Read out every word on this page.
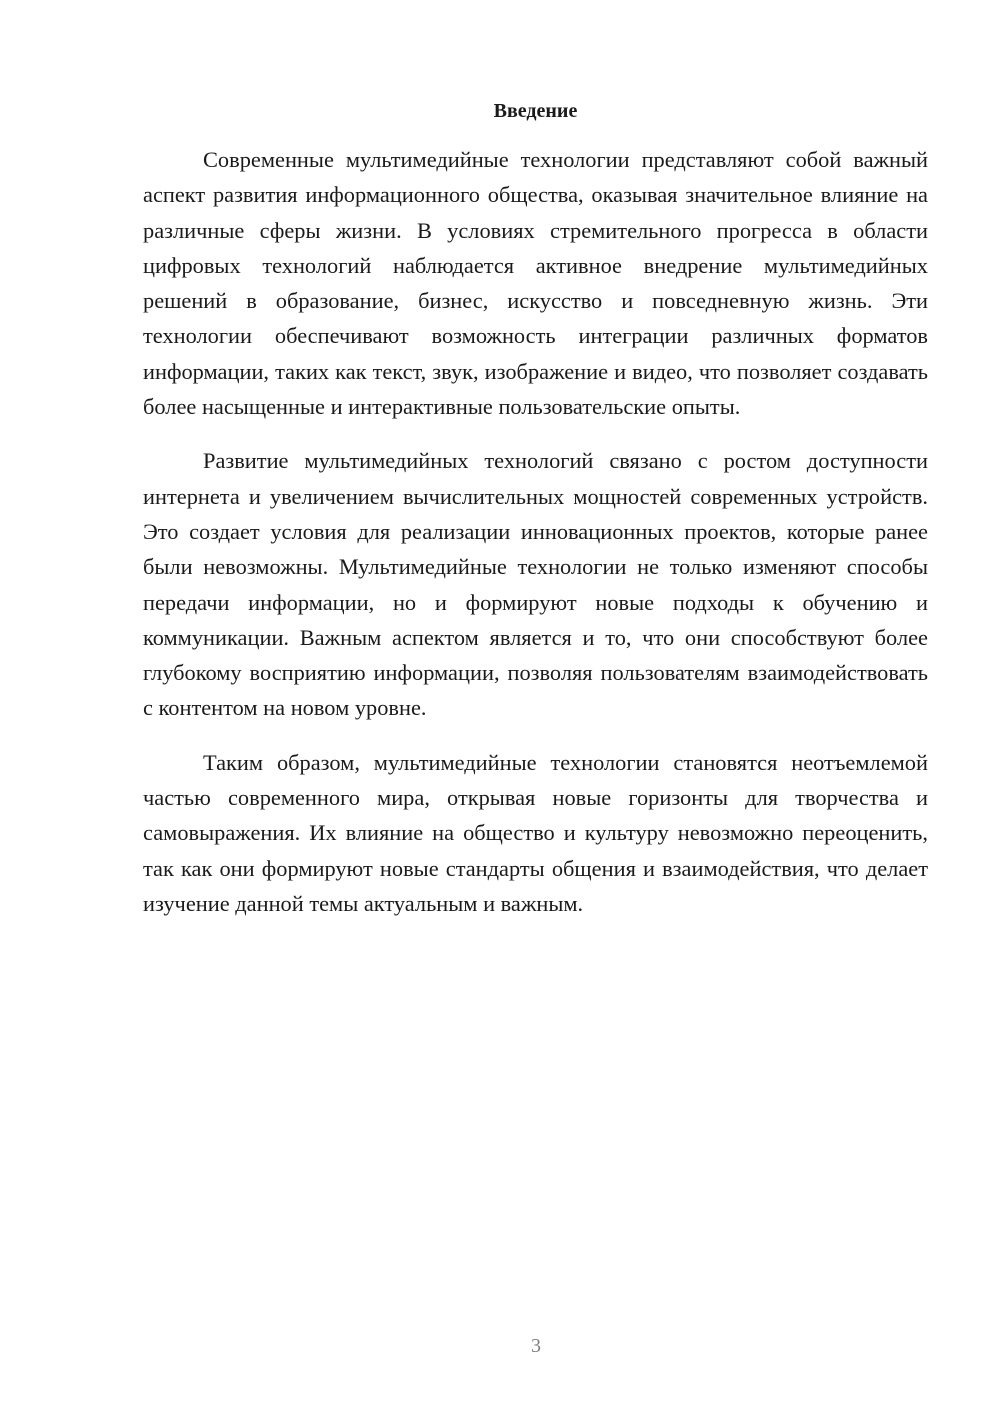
Введение

Современные мультимедийные технологии представляют собой важный аспект развития информационного общества, оказывая значительное влияние на различные сферы жизни. В условиях стремительного прогресса в области цифровых технологий наблюдается активное внедрение мультимедийных решений в образование, бизнес, искусство и повседневную жизнь. Эти технологии обеспечивают возможность интеграции различных форматов информации, таких как текст, звук, изображение и видео, что позволяет создавать более насыщенные и интерактивные пользовательские опыты.

Развитие мультимедийных технологий связано с ростом доступности интернета и увеличением вычислительных мощностей современных устройств. Это создает условия для реализации инновационных проектов, которые ранее были невозможны. Мультимедийные технологии не только изменяют способы передачи информации, но и формируют новые подходы к обучению и коммуникации. Важным аспектом является и то, что они способствуют более глубокому восприятию информации, позволяя пользователям взаимодействовать с контентом на новом уровне.

Таким образом, мультимедийные технологии становятся неотъемлемой частью современного мира, открывая новые горизонты для творчества и самовыражения. Их влияние на общество и культуру невозможно переоценить, так как они формируют новые стандарты общения и взаимодействия, что делает изучение данной темы актуальным и важным.

3
